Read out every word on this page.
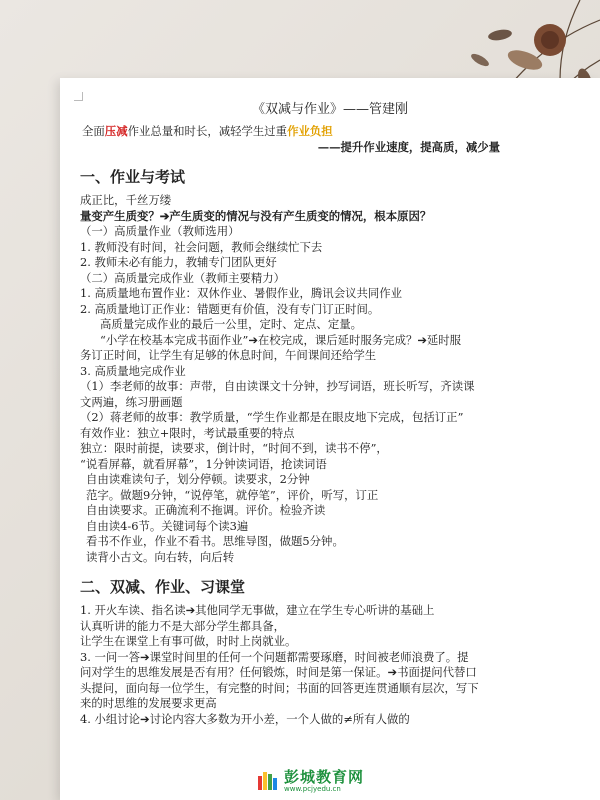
《双减与作业》——管建刚
全面压减作业总量和时长，减轻学生过重作业负担
——提升作业速度，提高质，减少量
一、作业与考试
成正比，千丝万缕
量变产生质变？➔产生质变的情况与没有产生质变的情况，根本原因？
（一）高质量作业（教师选用）
1. 教师没有时间，社会问题，教师会继续忙下去
2. 教师未必有能力，教辅专门团队更好
（二）高质量完成作业（教师主要精力）
1. 高质量地布置作业：双休作业、暑假作业，腾讯会议共同作业
2. 高质量地订正作业：错题更有价值，没有专门订正时间。
高质量完成作业的最后一公里，定时、定点、定量。
“小学在校基本完成书面作业”➔在校完成，课后延时服务完成？➔延时服
务订正时间，让学生有足够的休息时间，午间课间还给学生
3. 高质量地完成作业
（1）李老师的故事：声带，自由读课文十分钟，抄写词语，班长听写，齐读课
文两遍，练习册画题
（2）蒋老师的故事：教学质量，“学生作业都是在眼皮地下完成，包括订正”
有效作业：独立+限时，考试最重要的特点
独立：限时前提，读要求，倒计时，“时间不到，读书不停”，
“说看屏幕，就看屏幕”，1分钟读词语，抢读词语
自由读难读句子，划分停顿。读要求，2分钟
范字。做题9分钟，“说停笔，就停笔”，评价，听写，订正
自由读要求。正确流利不拖调。评价。检验齐读
自由读4-6节。关键词每个读3遍
看书不作业，作业不看书。思维导图，做题5分钟。
读背小古文。向右转，向后转
二、双减、作业、习课堂
1. 开火车读、指名读➔其他同学无事做，建立在学生专心听讲的基础上
认真听讲的能力不是大部分学生都具备，
让学生在课堂上有事可做，时时上岗就业。
3. 一问一答➔课堂时间里的任何一个问题都需要琢磨，时间被老师浪费了。提
问对学生的思维发展是否有用？任何锻炼，时间是第一保证。➔书面提问代替口
头提问，面向每一位学生，有完整的时间；书面的回答更连贯通顺有层次，写下
来的时思维的发展要求更高
4. 小组讨论➔讨论内容大多数为开小差，一个人做的≠所有人做的
彭城教育网
www.pcjyedu.cn
